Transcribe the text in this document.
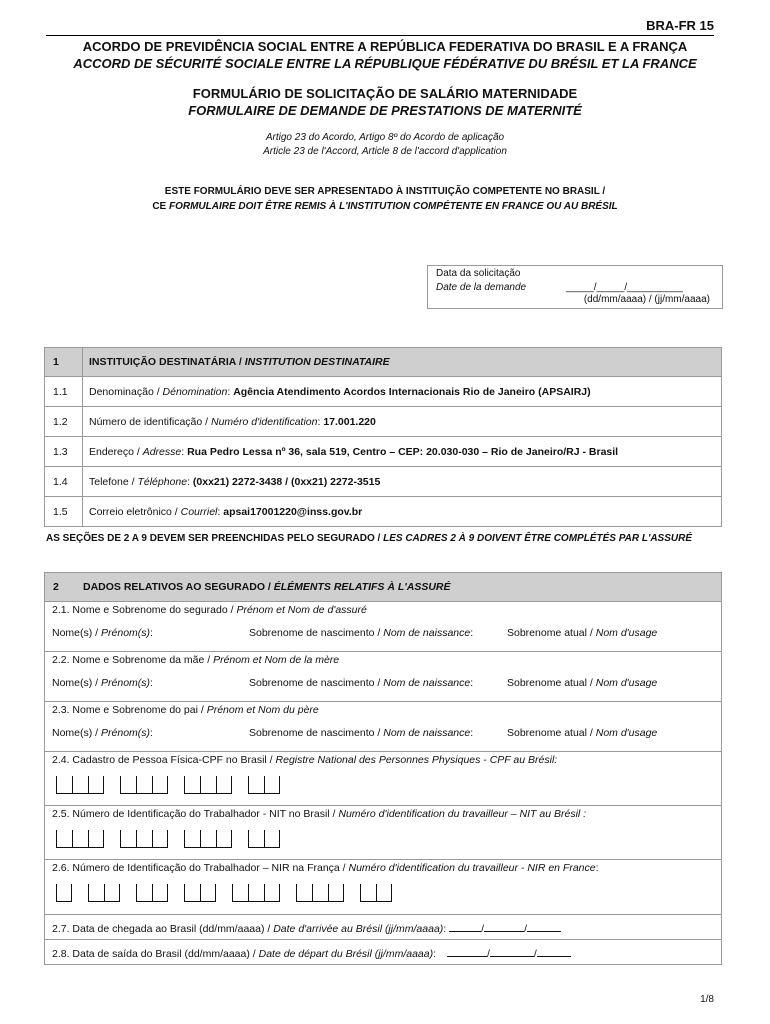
BRA-FR 15
ACORDO DE PREVIDÊNCIA SOCIAL ENTRE A REPÚBLICA FEDERATIVA DO BRASIL E A FRANÇA
ACCORD DE SÉCURITÉ SOCIALE ENTRE LA RÉPUBLIQUE FÉDÉRATIVE DU BRÉSIL ET LA FRANCE
FORMULÁRIO DE SOLICITAÇÃO DE SALÁRIO MATERNIDADE
FORMULAIRE DE DEMANDE DE PRESTATIONS DE MATERNITÉ
Artigo 23 do Acordo, Artigo 8º do Acordo de aplicação
Article 23 de l'Accord, Article 8 de l'accord d'application
ESTE FORMULÁRIO DEVE SER APRESENTADO À INSTITUIÇÃO COMPETENTE NO BRASIL /
CE FORMULAIRE DOIT ÊTRE REMIS À L'INSTITUTION COMPÉTENTE EN FRANCE OU AU BRÉSIL
Data da solicitação
Date de la demande	_____/_____/__________
(dd/mm/aaaa) / (jj/mm/aaaa)
1	INSTITUIÇÃO DESTINATÁRIA / INSTITUTION DESTINATAIRE
1.1	Denominação / Dénomination: Agência Atendimento Acordos Internacionais Rio de Janeiro (APSAIRJ)
1.2	Número de identificação / Numéro d'identification: 17.001.220
1.3	Endereço / Adresse: Rua Pedro Lessa nº 36, sala 519, Centro – CEP: 20.030-030 – Rio de Janeiro/RJ - Brasil
1.4	Telefone / Téléphone: (0xx21) 2272-3438 / (0xx21) 2272-3515
1.5	Correio eletrônico / Courriel: apsai17001220@inss.gov.br
AS SEÇÕES DE 2 A 9 DEVEM SER PREENCHIDAS PELO SEGURADO / LES CADRES 2 À 9 DOIVENT ÊTRE COMPLÉTÉS PAR L'ASSURÉ
2 DADOS RELATIVOS AO SEGURADO / ÉLÉMENTS RELATIFS À L'ASSURÉ

2.1. Nome e Sobrenome do segurado / Prénom et Nom de d'assuré
Nome(s) / Prénom(s):	Sobrenome de nascimento / Nom de naissance:	Sobrenome atual / Nom d'usage

2.2. Nome e Sobrenome da mãe / Prénom et Nom de la mère
Nome(s) / Prénom(s):	Sobrenome de nascimento / Nom de naissance:	Sobrenome atual / Nom d'usage

2.3. Nome e Sobrenome do pai / Prénom et Nom du père
Nome(s) / Prénom(s):	Sobrenome de nascimento / Nom de naissance:	Sobrenome atual / Nom d'usage

2.4. Cadastro de Pessoa Física-CPF no Brasil / Registre National des Personnes Physiques - CPF au Brésil:

2.5. Número de Identificação do Trabalhador - NIT no Brasil / Numéro d'identification du travailleur – NIT au Brésil :

2.6. Número de Identificação do Trabalhador – NIR na França / Numéro d'identification du travailleur - NIR en France:

2.7. Data de chegada ao Brasil (dd/mm/aaaa) / Date d'arrivée au Brésil (jj/mm/aaaa):	/	/
2.8. Data de saída do Brasil (dd/mm/aaaa) / Date de départ du Brésil (jj/mm/aaaa):	/	/
1/8
